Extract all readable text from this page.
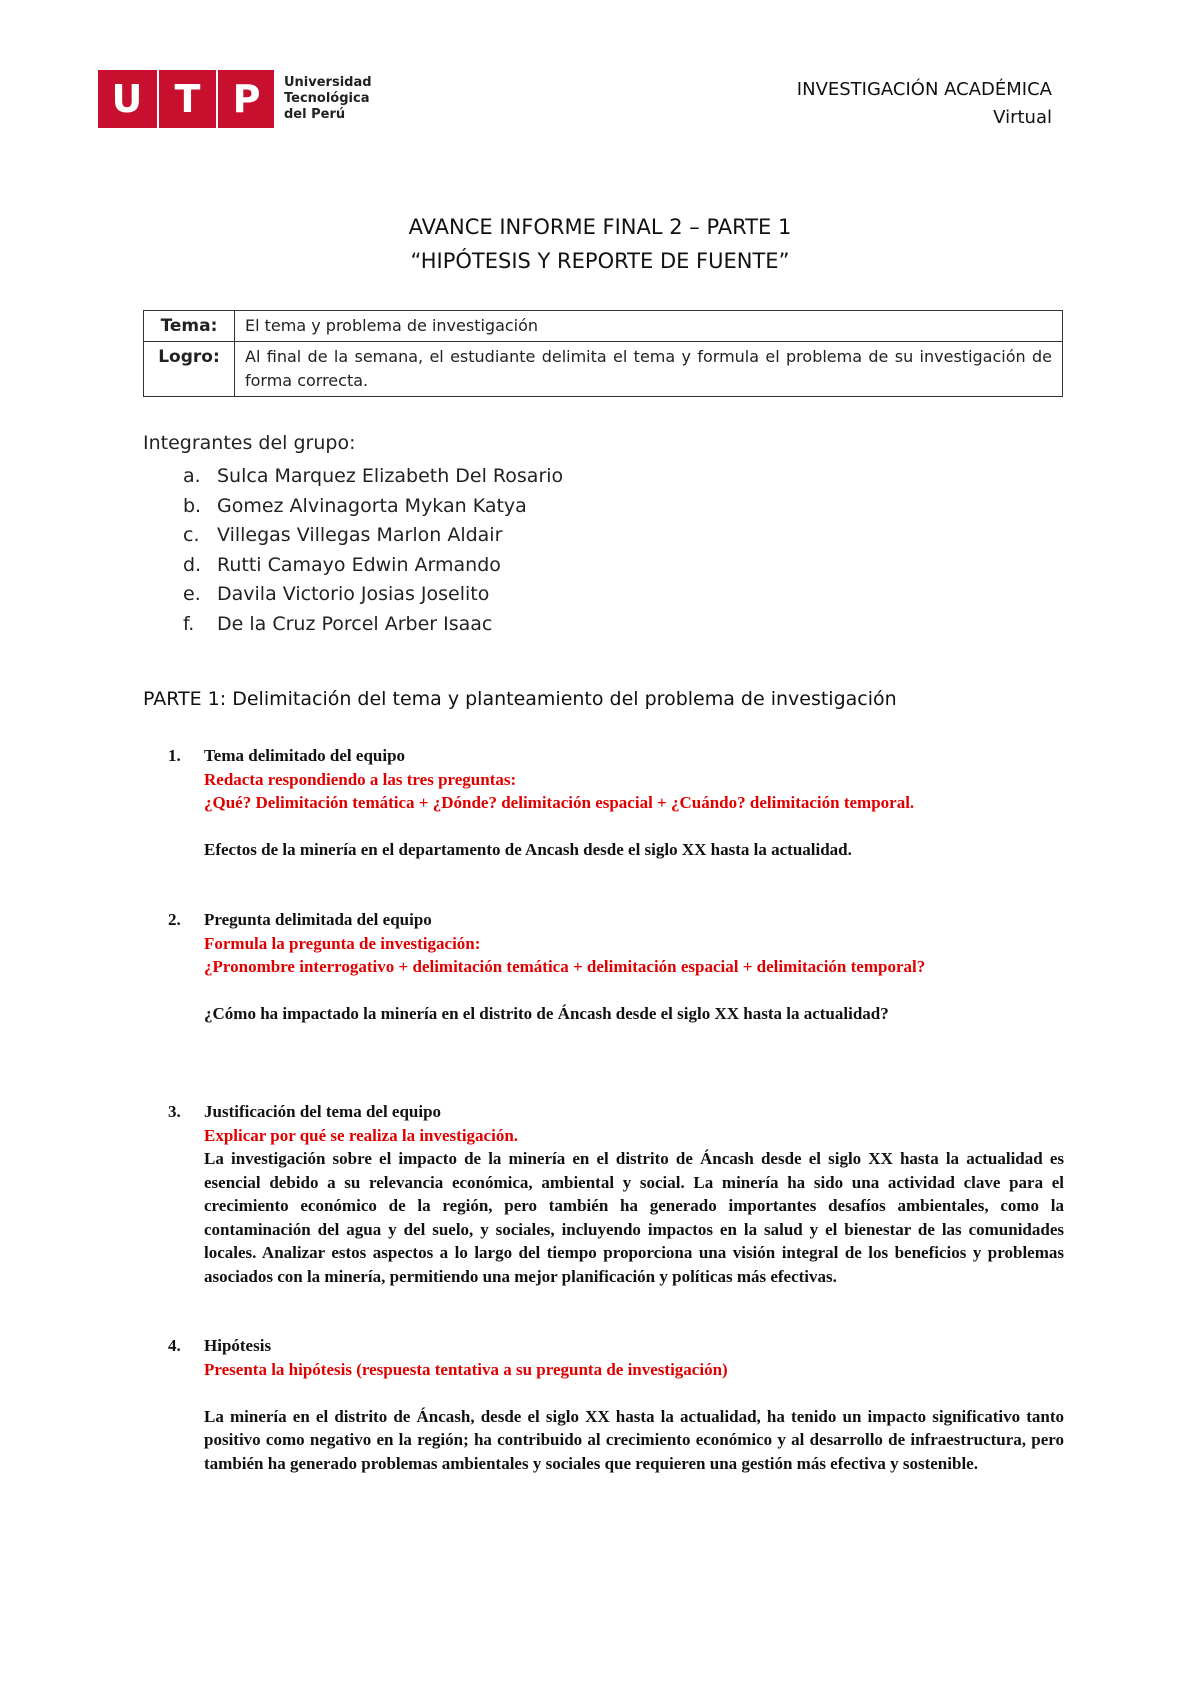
U T P Universidad
Tecnológica
del Perú
INVESTIGACIÓN ACADÉMICA
Virtual
AVANCE INFORME FINAL 2 – PARTE 1
“HIPÓTESIS Y REPORTE DE FUENTE”
Tema:	El tema y problema de investigación
Logro:	Al final de la semana, el estudiante delimita el tema y formula el problema de su investigación de forma correcta.
Integrantes del grupo:
a. Sulca Marquez Elizabeth Del Rosario
b. Gomez Alvinagorta Mykan Katya
c. Villegas Villegas Marlon Aldair
d. Rutti Camayo Edwin Armando
e. Davila Victorio Josias Joselito
f. De la Cruz Porcel Arber Isaac
PARTE 1: Delimitación del tema y planteamiento del problema de investigación
1. Tema delimitado del equipo
Redacta respondiendo a las tres preguntas:
¿Qué? Delimitación temática + ¿Dónde? delimitación espacial + ¿Cuándo? delimitación temporal.
Efectos de la minería en el departamento de Ancash desde el siglo XX hasta la actualidad.
2. Pregunta delimitada del equipo
Formula la pregunta de investigación:
¿Pronombre interrogativo + delimitación temática + delimitación espacial + delimitación temporal?
¿Cómo ha impactado la minería en el distrito de Áncash desde el siglo XX hasta la actualidad?
3. Justificación del tema del equipo
Explicar por qué se realiza la investigación.
La investigación sobre el impacto de la minería en el distrito de Áncash desde el siglo XX hasta la actualidad es esencial debido a su relevancia económica, ambiental y social. La minería ha sido una actividad clave para el crecimiento económico de la región, pero también ha generado importantes desafíos ambientales, como la contaminación del agua y del suelo, y sociales, incluyendo impactos en la salud y el bienestar de las comunidades locales. Analizar estos aspectos a lo largo del tiempo proporciona una visión integral de los beneficios y problemas asociados con la minería, permitiendo una mejor planificación y políticas más efectivas.
4. Hipótesis
Presenta la hipótesis (respuesta tentativa a su pregunta de investigación)
La minería en el distrito de Áncash, desde el siglo XX hasta la actualidad, ha tenido un impacto significativo tanto positivo como negativo en la región; ha contribuido al crecimiento económico y al desarrollo de infraestructura, pero también ha generado problemas ambientales y sociales que requieren una gestión más efectiva y sostenible.
